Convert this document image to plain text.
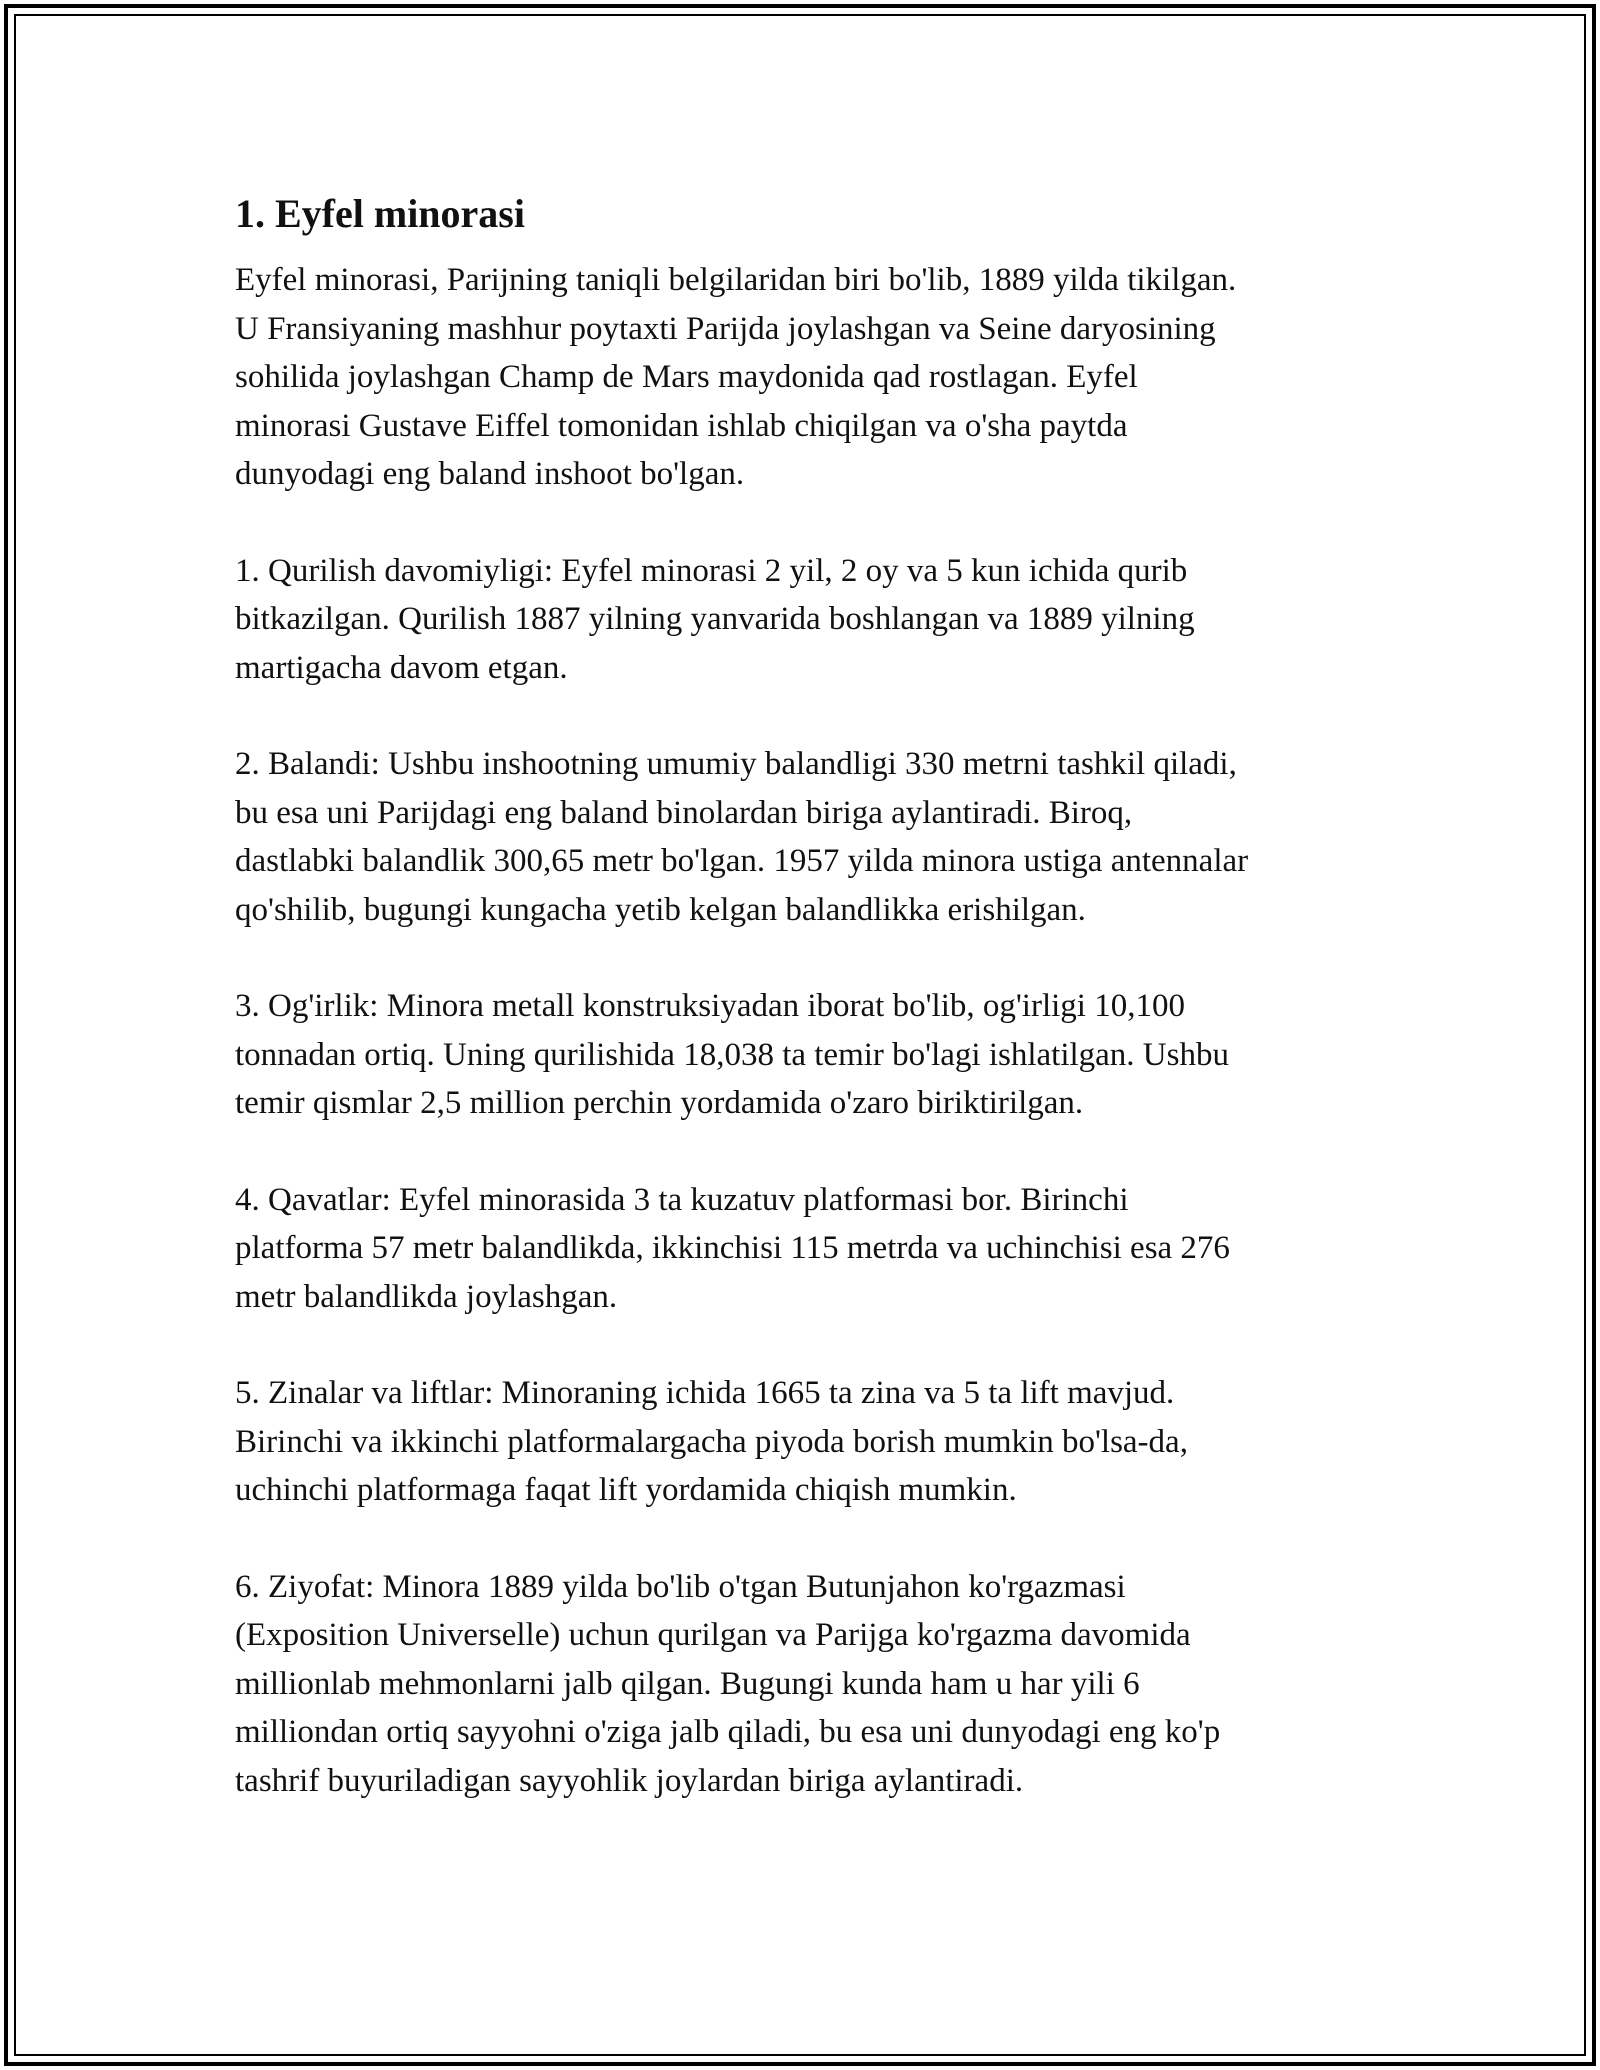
1. Eyfel minorasi
Eyfel minorasi, Parijning taniqli belgilaridan biri bo'lib, 1889 yilda tikilgan.
U Fransiyaning mashhur poytaxti Parijda joylashgan va Seine daryosining
sohilida joylashgan Champ de Mars maydonida qad rostlagan. Eyfel
minorasi Gustave Eiffel tomonidan ishlab chiqilgan va o'sha paytda
dunyodagi eng baland inshoot bo'lgan.
1. Qurilish davomiyligi: Eyfel minorasi 2 yil, 2 oy va 5 kun ichida qurib
bitkazilgan. Qurilish 1887 yilning yanvarida boshlangan va 1889 yilning
martigacha davom etgan.
2. Balandi: Ushbu inshootning umumiy balandligi 330 metrni tashkil qiladi,
bu esa uni Parijdagi eng baland binolardan biriga aylantiradi. Biroq,
dastlabki balandlik 300,65 metr bo'lgan. 1957 yilda minora ustiga antennalar
qo'shilib, bugungi kungacha yetib kelgan balandlikka erishilgan.
3. Og'irlik: Minora metall konstruksiyadan iborat bo'lib, og'irligi 10,100
tonnadan ortiq. Uning qurilishida 18,038 ta temir bo'lagi ishlatilgan. Ushbu
temir qismlar 2,5 million perchin yordamida o'zaro biriktirilgan.
4. Qavatlar: Eyfel minorasida 3 ta kuzatuv platformasi bor. Birinchi
platforma 57 metr balandlikda, ikkinchisi 115 metrda va uchinchisi esa 276
metr balandlikda joylashgan.
5. Zinalar va liftlar: Minoraning ichida 1665 ta zina va 5 ta lift mavjud.
Birinchi va ikkinchi platformalargacha piyoda borish mumkin bo'lsa-da,
uchinchi platformaga faqat lift yordamida chiqish mumkin.
6. Ziyofat: Minora 1889 yilda bo'lib o'tgan Butunjahon ko'rgazmasi
(Exposition Universelle) uchun qurilgan va Parijga ko'rgazma davomida
millionlab mehmonlarni jalb qilgan. Bugungi kunda ham u har yili 6
milliondan ortiq sayyohni o'ziga jalb qiladi, bu esa uni dunyodagi eng ko'p
tashrif buyuriladigan sayyohlik joylardan biriga aylantiradi.
